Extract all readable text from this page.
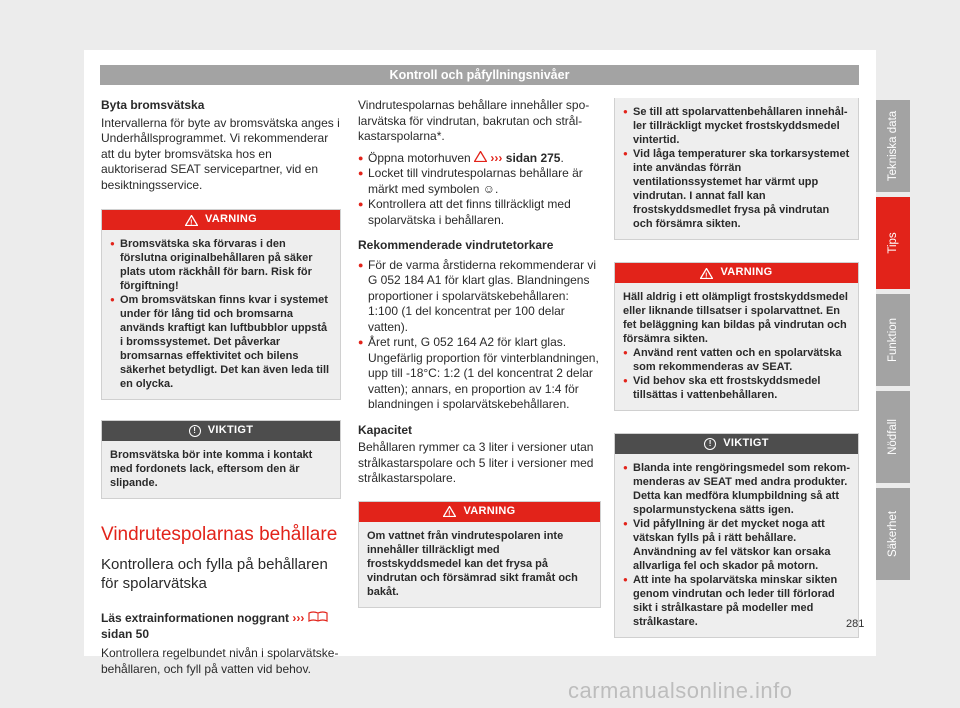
Kontroll och påfyllningsnivåer
Byta bromsvätska

Intervallerna för byte av bromsvätska anges i Underhållsprogrammet. Vi rekommenderar att du byter bromsvätska hos en auktoriserad SEAT servicepartner, vid en besiktningsservice.

! VARNING
● Bromsvätska ska förvaras i den förslutna originalbehållaren på säker plats utom räckhåll för barn. Risk för förgiftning!
● Om bromsvätskan finns kvar i systemet under för lång tid och bromsarna används kraftigt kan luftbubblor uppstå i bromssystemet. Det påverkar bromsarnas effektivitet och bilens säkerhet betydligt. Det kan även leda till en olycka.
!	VIKTIGT
Bromsvätska bör inte komma i kontakt med fordonets lack, eftersom den är slipande.
Vindrutespolarnas behållare
Kontrollera och fylla på behållaren för spolarvätska
Läs extrainformationen noggrant ›››  sidan 50

Kontrollera regelbundet nivån i spolarvätskebehållaren, och fyll på vatten vid behov.

Vindrutespolarnas behållare innehåller spolarvätska för vindrutan, bakrutan och strålkastarspolarna*.

● Öppna motorhuven ››› sidan 275.
● Locket till vindrutespolarnas behållare är märkt med symbolen ☺.
● Kontrollera att det finns tillräckligt med spolarvätska i behållaren.
Rekommenderade vindrutetorkare
● För de varma årstiderna rekommenderar vi G 052 184 A1 för klart glas. Blandningens proportioner i spolarvätskebehållaren: 1:100 (1 del koncentrat per 100 delar vatten).
● Året runt, G 052 164 A2 för klart glas. Ungefärlig proportion för vinterblandningen, upp till -18°C: 1:2 (1 del koncentrat 2 delar vatten); annars, en proportion av 1:4 för blandningen i spolarvätskebehållaren.
Kapacitet

Behållaren rymmer ca 3 liter i versioner utan strålkastarspolare och 5 liter i versioner med strålkastarspolare.

! VARNING
Om vattnet från vindrutespolaren inte innehåller tillräckligt med frostskyddsmedel kan det frysa på vindrutan och försämrad sikt framåt och bakåt.
● Se till att spolarvattenbehållaren innehåller tillräckligt mycket frostskyddsmedel vintertid.
● Vid låga temperaturer ska torkarsystemet inte användas förrän ventilationssystemet har värmt upp vindrutan. I annat fall kan frostskyddsmedlet frysa på vindrutan och försämra sikten.
! VARNING

Häll aldrig i ett olämpligt frostskyddsmedel eller liknande tillsatser i spolarvattnet. En fet beläggning kan bildas på vindrutan och försämra sikten.

● Använd rent vatten och en spolarvätska som rekommenderas av SEAT.
● Vid behov ska ett frostskyddsmedel tillsättas i vattenbehållaren.
!	VIKTIGT
● Blanda inte rengöringsmedel som rekommenderas av SEAT med andra produkter. Detta kan medföra klumpbildning så att spolarmunstyckena sätts igen.
● Vid påfyllning är det mycket noga att vätskan fylls på i rätt behållare. Användning av fel vätskor kan orsaka allvarliga fel och skador på motorn.
● Att inte ha spolarvätska minskar sikten genom vindrutan och leder till förlorad sikt i strålkastare på modeller med strålkastare.
Tekniska data
Tips
Funktion
Nödfall
Säkerhet
281
carmanualsonline.info
